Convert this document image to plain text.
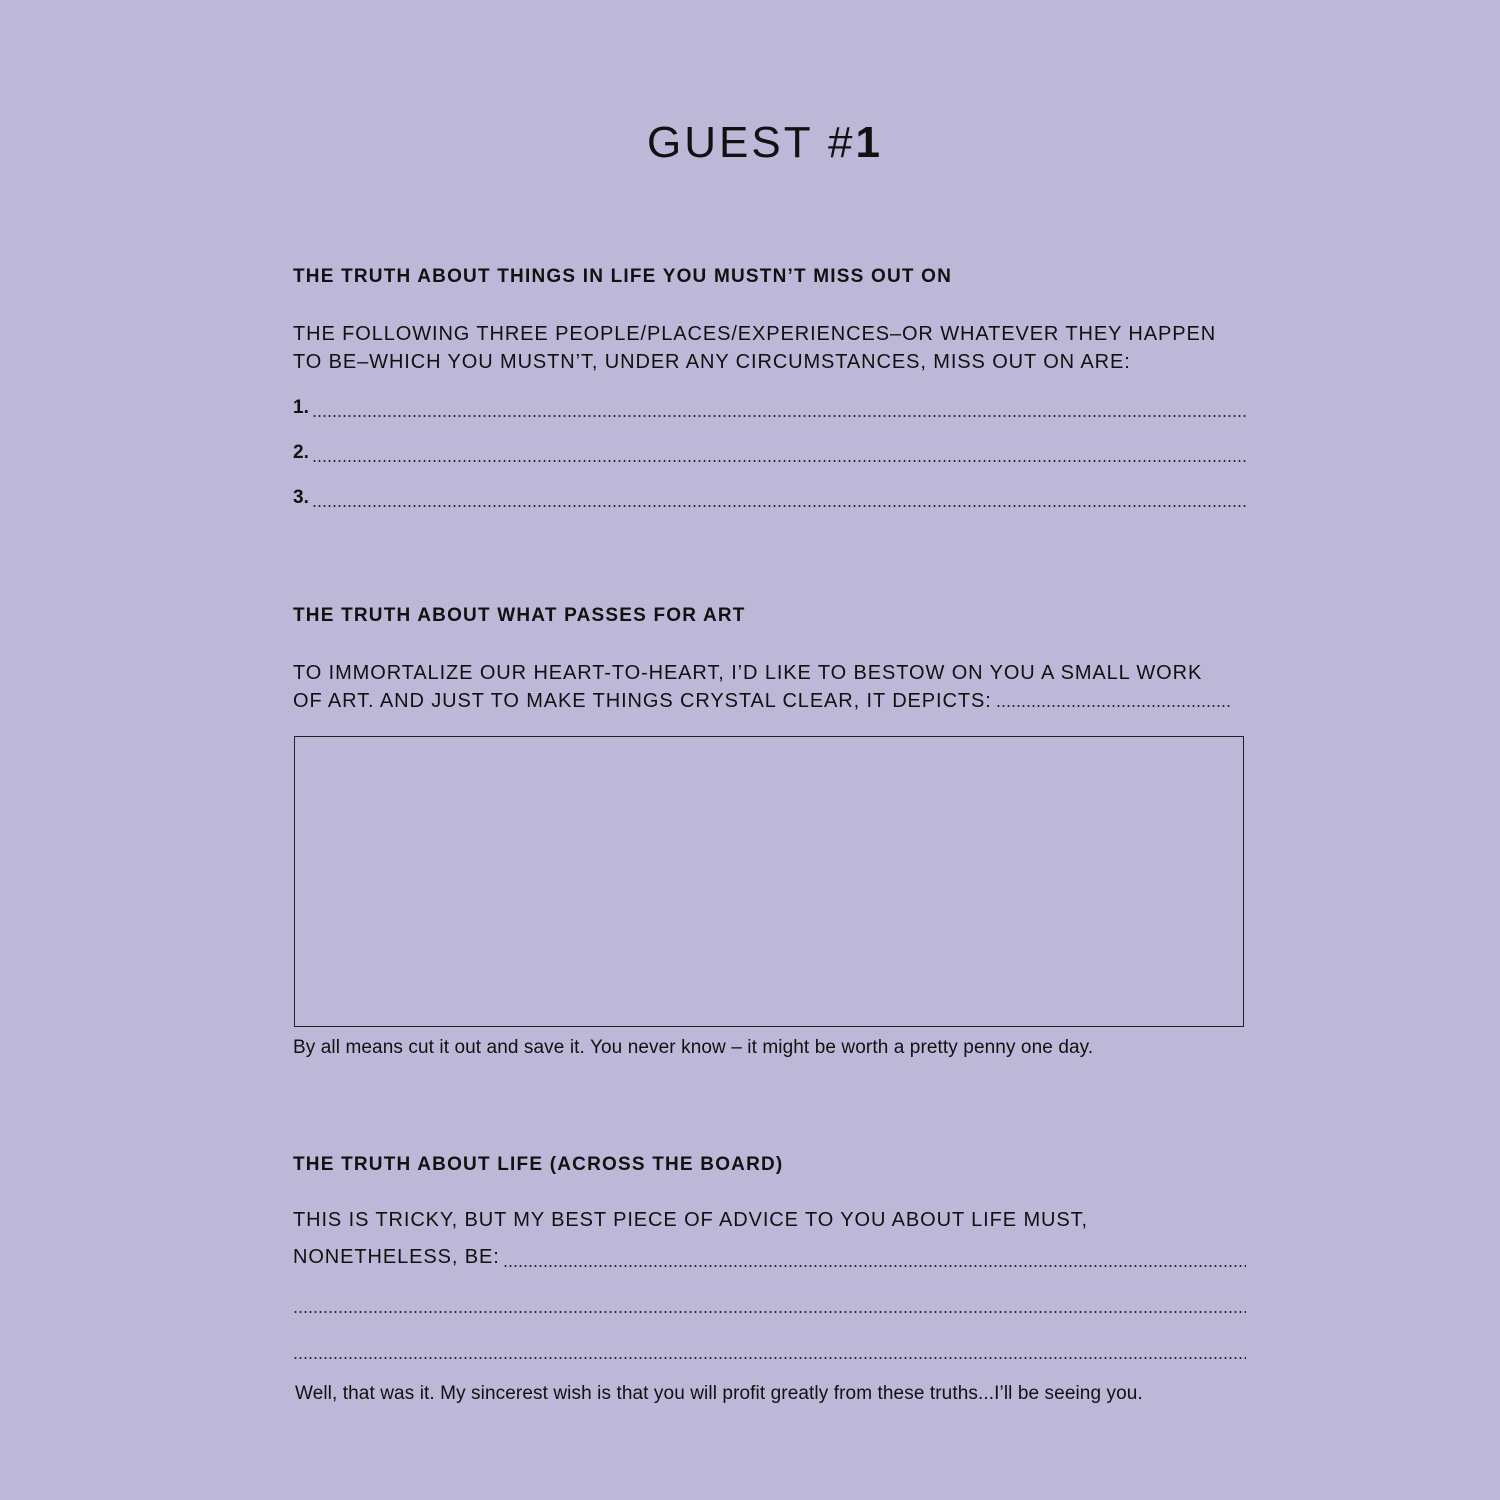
GUEST #1
THE TRUTH ABOUT THINGS IN LIFE YOU MUSTN’T MISS OUT ON
THE FOLLOWING THREE PEOPLE/PLACES/EXPERIENCES–OR WHATEVER THEY HAPPEN
TO BE–WHICH YOU MUSTN’T, UNDER ANY CIRCUMSTANCES, MISS OUT ON ARE:
1.
2.
3.
THE TRUTH ABOUT WHAT PASSES FOR ART
TO IMMORTALIZE OUR HEART-TO-HEART, I’D LIKE TO BESTOW ON YOU A SMALL WORK
OF ART. AND JUST TO MAKE THINGS CRYSTAL CLEAR, IT DEPICTS:
By all means cut it out and save it. You never know – it might be worth a pretty penny one day.
THE TRUTH ABOUT LIFE (ACROSS THE BOARD)
THIS IS TRICKY, BUT MY BEST PIECE OF ADVICE TO YOU ABOUT LIFE MUST,
NONETHELESS, BE:
Well, that was it. My sincerest wish is that you will profit greatly from these truths...I’ll be seeing you.
